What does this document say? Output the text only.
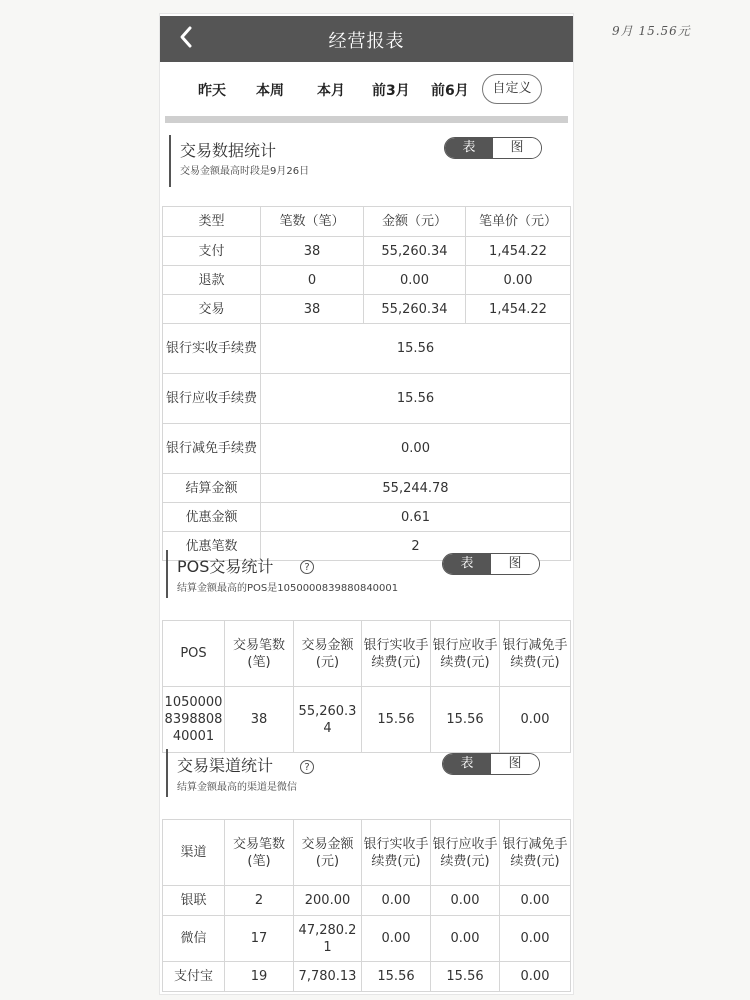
9月 15.56元
经营报表
昨天 本周 本月 前3月 前6月	自定义
交易数据统计
交易金额最高时段是9月26日
表	图
类型	笔数（笔）	金额（元）	笔单价（元）
支付	38	55,260.34	1,454.22
退款	0	0.00	0.00
交易	38	55,260.34	1,454.22
银行实收手续费	15.56		
银行应收手续费	15.56		
银行减免手续费	0.00		
结算金额	55,244.78		
优惠金额	0.61		
优惠笔数	2		
POS交易统计	?
结算金额最高的POS是1050000839880840001
表	图
POS	交易笔数(笔)	交易金额(元)	银行实收手续费(元)	银行应收手续费(元)	银行减免手续费(元)
1050000839880840001	38	55,260.34	15.56	15.56	0.00
交易渠道统计	?
结算金额最高的渠道是微信
表	图
渠道	交易笔数(笔)	交易金额(元)	银行实收手续费(元)	银行应收手续费(元)	银行减免手续费(元)
银联	2	200.00	0.00	0.00	0.00
微信	17	47,280.21	0.00	0.00	0.00
支付宝	19	7,780.13	15.56	15.56	0.00
